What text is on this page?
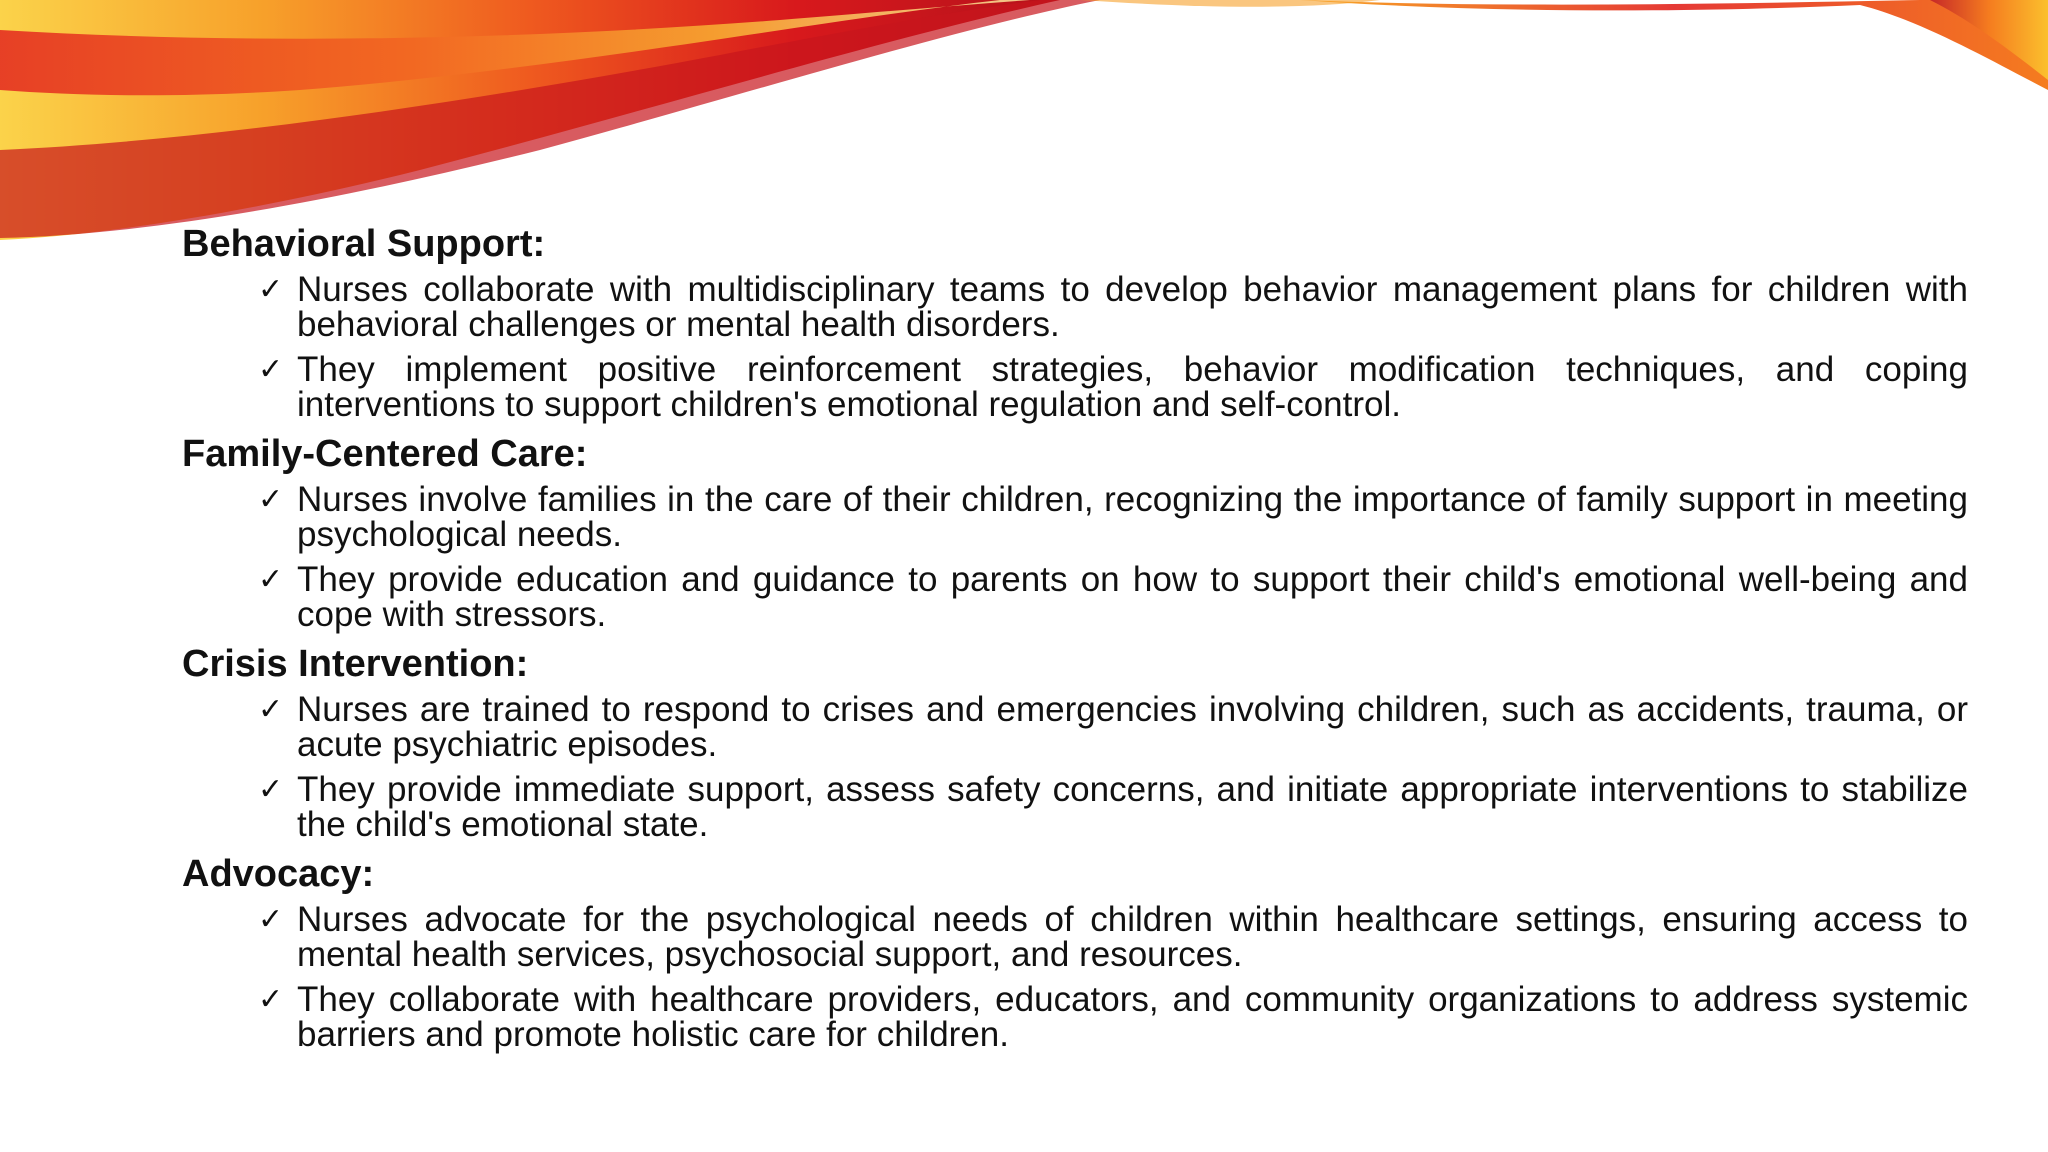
Behavioral Support:
✓ Nurses collaborate with multidisciplinary teams to develop behavior management plans for children with behavioral challenges or mental health disorders.
✓ They implement positive reinforcement strategies, behavior modification techniques, and coping interventions to support children's emotional regulation and self-control.
Family-Centered Care:
✓ Nurses involve families in the care of their children, recognizing the importance of family support in meeting psychological needs.
✓ They provide education and guidance to parents on how to support their child's emotional well-being and cope with stressors.
Crisis Intervention:
✓ Nurses are trained to respond to crises and emergencies involving children, such as accidents, trauma, or acute psychiatric episodes.
✓ They provide immediate support, assess safety concerns, and initiate appropriate interventions to stabilize the child's emotional state.
Advocacy:
✓ Nurses advocate for the psychological needs of children within healthcare settings, ensuring access to mental health services, psychosocial support, and resources.
✓ They collaborate with healthcare providers, educators, and community organizations to address systemic barriers and promote holistic care for children.
